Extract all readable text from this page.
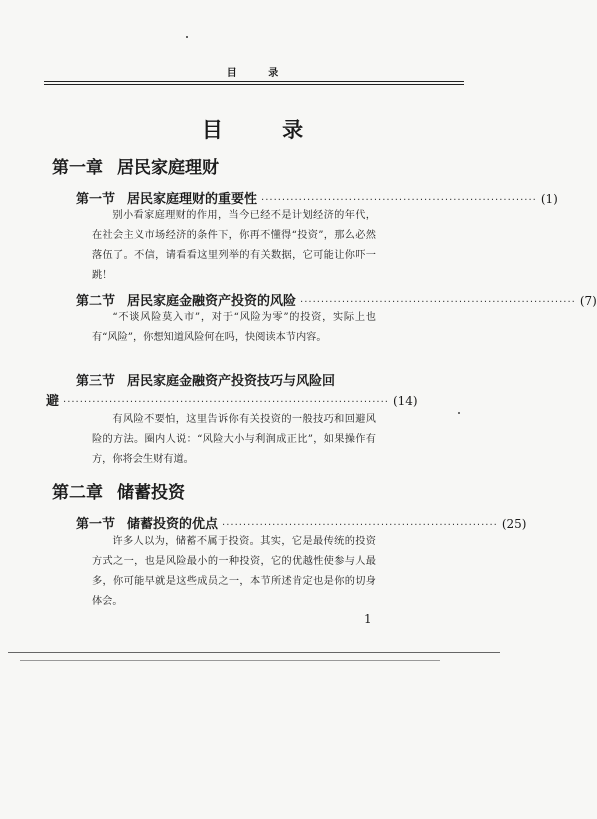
目 录
目 录
第一章 居民家庭理财
第一节 居民家庭理财的重要性 ·································································· (1)
别小看家庭理财的作用，当今已经不是计划经济的年代，在社会主义市场经济的条件下，你再不懂得“投资”，那么必然落伍了。不信，请看看这里列举的有关数据，它可能让你吓一跳！
第二节 居民家庭金融资产投资的风险 ·································································· (7)
“不谈风险莫入市”，对于“风险为零”的投资，实际上也有“风险”，你想知道风险何在吗，快阅读本节内容。
第三节 居民家庭金融资产投资技巧与风险回
避 ·············································································· (14)
有风险不要怕，这里告诉你有关投资的一般技巧和回避风险的方法。圈内人说：“风险大小与利润成正比”，如果操作有方，你将会生财有道。
第二章 储蓄投资
第一节 储蓄投资的优点 ·································································· (25)
许多人以为，储蓄不属于投资。其实，它是最传统的投资方式之一，也是风险最小的一种投资，它的优越性使参与人最多，你可能早就是这些成员之一，本节所述肯定也是你的切身体会。
1
